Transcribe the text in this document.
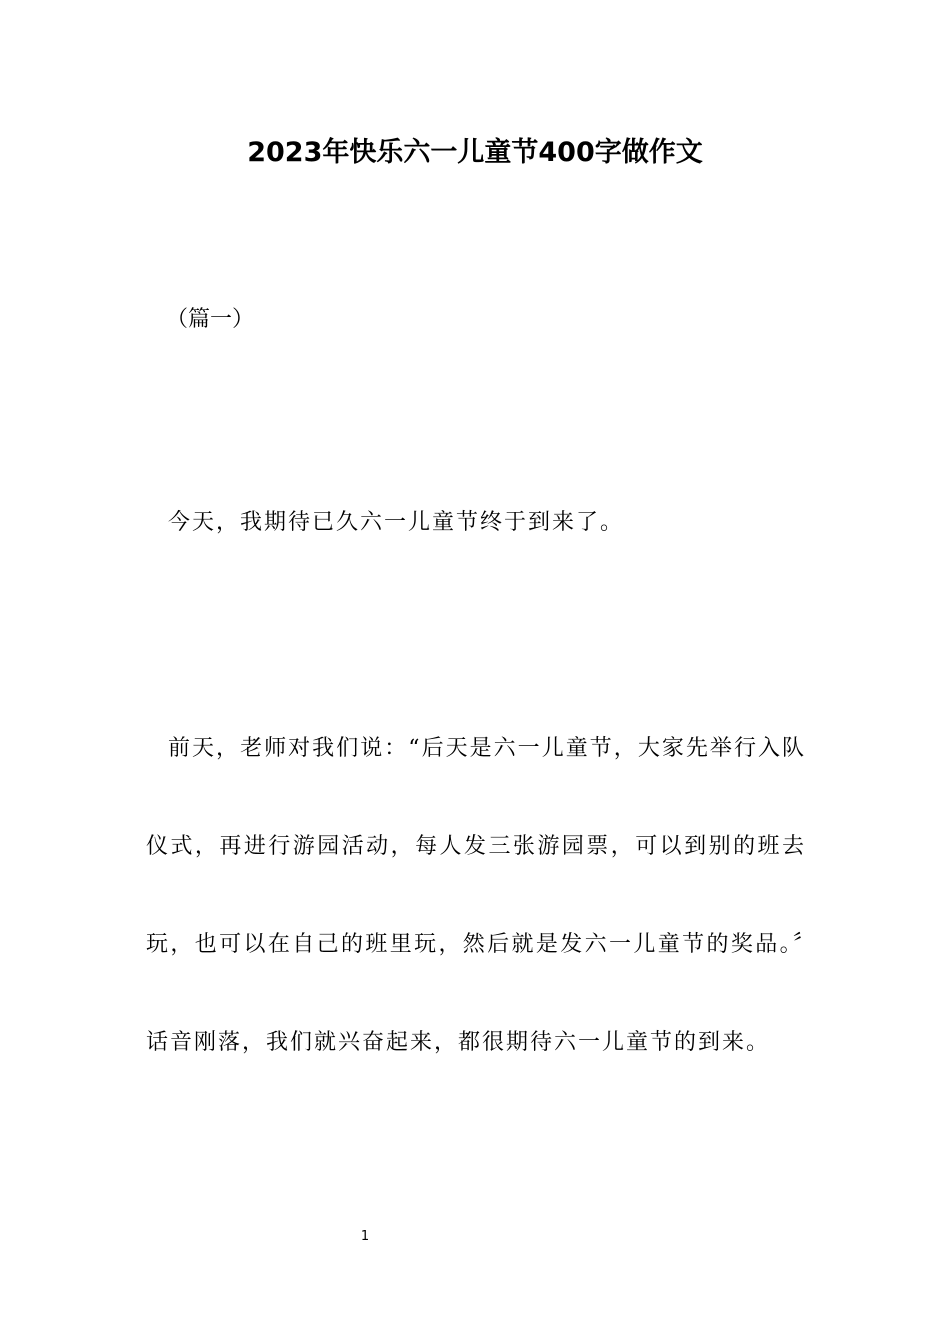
2023年快乐六一儿童节400字做作文

（篇一）

今天，我期待已久六一儿童节终于到来了。

前天，老师对我们说：“后天是六一儿童节，大家先举行入队仪式，再进行游园活动，每人发三张游园票，可以到别的班去玩，也可以在自己的班里玩，然后就是发六一儿童节的奖品。〞话音刚落，我们就兴奋起来，都很期待六一儿童节的到来。

1
